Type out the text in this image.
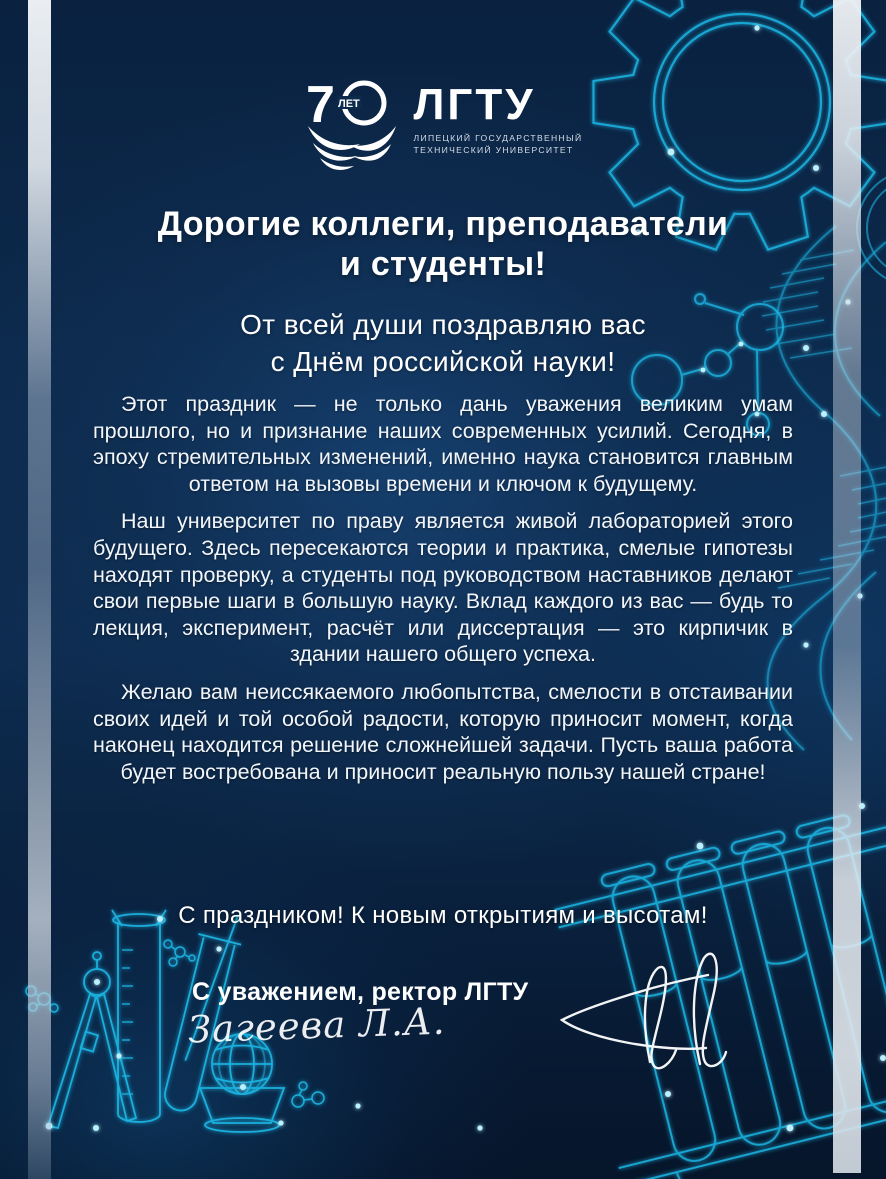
7 ЛЕТ ЛГТУ
ЛИПЕЦКИЙ ГОСУДАРСТВЕННЫЙ
ТЕХНИЧЕСКИЙ УНИВЕРСИТЕТ
Дорогие коллеги, преподаватели
и студенты!
От всей души поздравляю вас
с Днём российской науки!

Этот праздник — не только дань уважения великим умам прошлого, но и признание наших современных усилий. Сегодня, в эпоху стремительных изменений, именно наука становится главным ответом на вызовы времени и ключом к будущему.

Наш университет по праву является живой лабораторией этого будущего. Здесь пересекаются теории и практика, смелые гипотезы находят проверку, а студенты под руководством наставников делают свои первые шаги в большую науку. Вклад каждого из вас — будь то лекция, эксперимент, расчёт или диссертация — это кирпичик в здании нашего общего успеха.

Желаю вам неиссякаемого любопытства, смелости в отстаивании своих идей и той особой радости, которую приносит момент, когда наконец находится решение сложнейшей задачи. Пусть ваша работа будет востребована и приносит реальную пользу нашей стране!

С праздником! К новым открытиям и высотам!
С уважением, ректор ЛГТУ
Загеева Л.А.
